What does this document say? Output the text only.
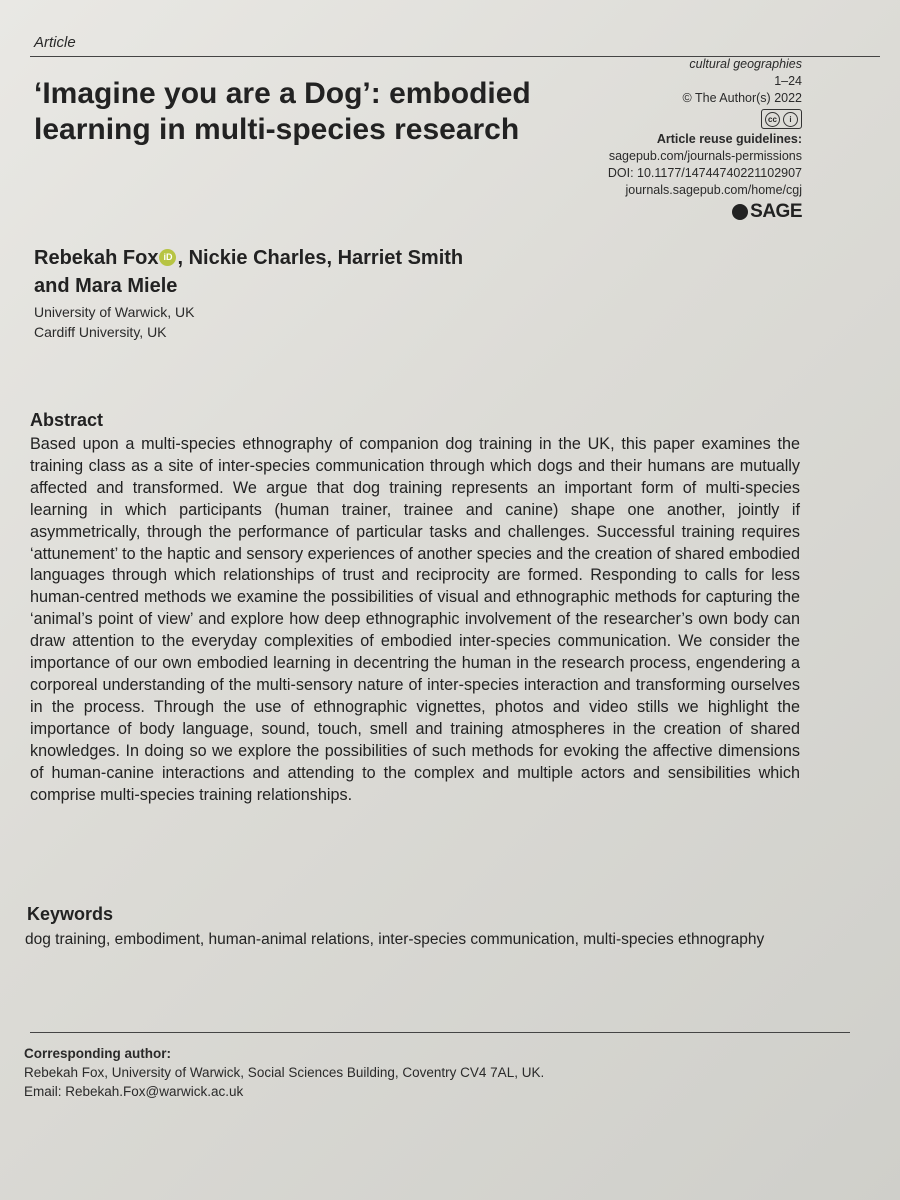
Article
‘Imagine you are a Dog’: embodied learning in multi-species research
cultural geographies
1–24
© The Author(s) 2022
cc	i
Article reuse guidelines:
sagepub.com/journals-permissions
DOI: 10.1177/14744740221102907
journals.sagepub.com/home/cgj
SAGE
Rebekah Fox iD , Nickie Charles, Harriet Smith
and Mara Miele
University of Warwick, UK
Cardiff University, UK
Abstract
Based upon a multi-species ethnography of companion dog training in the UK, this paper examines the training class as a site of inter-species communication through which dogs and their humans are mutually affected and transformed. We argue that dog training represents an important form of multi-species learning in which participants (human trainer, trainee and canine) shape one another, jointly if asymmetrically, through the performance of particular tasks and challenges. Successful training requires ‘attunement’ to the haptic and sensory experiences of another species and the creation of shared embodied languages through which relationships of trust and reciprocity are formed. Responding to calls for less human-centred methods we examine the possibilities of visual and ethnographic methods for capturing the ‘animal’s point of view’ and explore how deep ethnographic involvement of the researcher’s own body can draw attention to the everyday complexities of embodied inter-species communication. We consider the importance of our own embodied learning in decentring the human in the research process, engendering a corporeal understanding of the multi-sensory nature of inter-species interaction and transforming ourselves in the process. Through the use of ethnographic vignettes, photos and video stills we highlight the importance of body language, sound, touch, smell and training atmospheres in the creation of shared knowledges. In doing so we explore the possibilities of such methods for evoking the affective dimensions of human-canine interactions and attending to the complex and multiple actors and sensibilities which comprise multi-species training relationships.
Keywords
dog training, embodiment, human-animal relations, inter-species communication, multi-species ethnography
Corresponding author:
Rebekah Fox, University of Warwick, Social Sciences Building, Coventry CV4 7AL, UK.
Email: Rebekah.Fox@warwick.ac.uk
